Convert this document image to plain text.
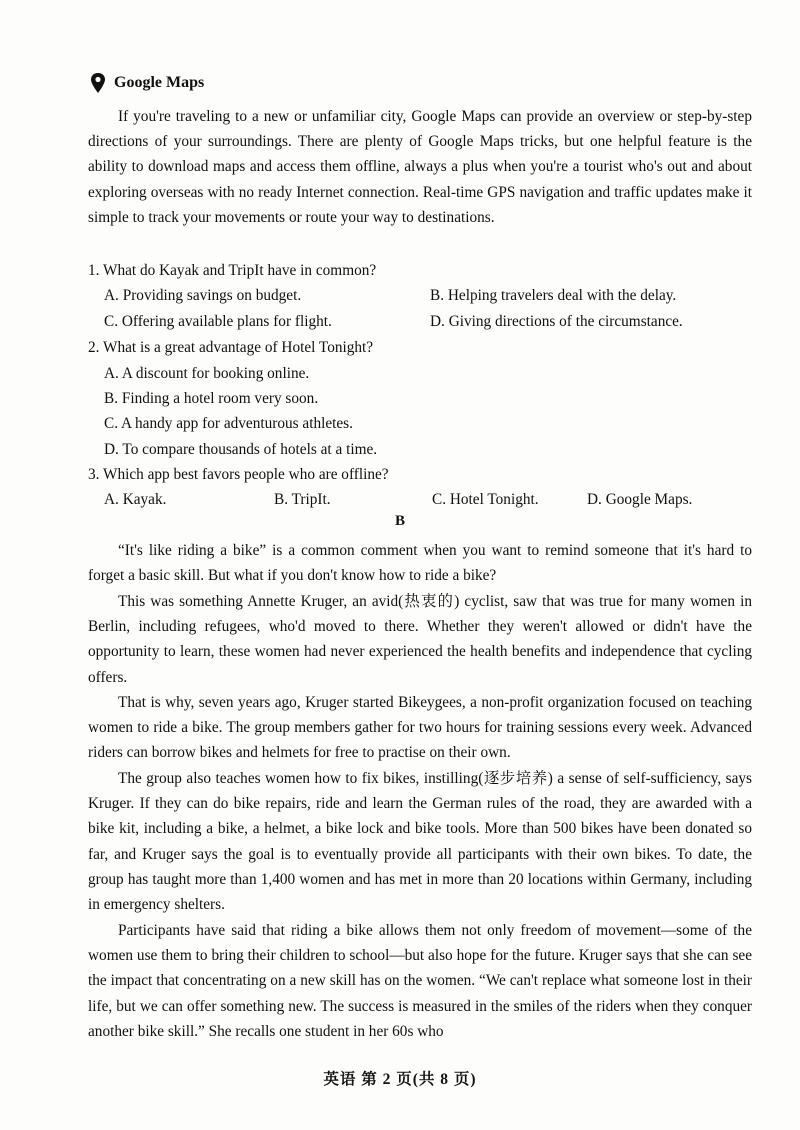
Google Maps

If you're traveling to a new or unfamiliar city, Google Maps can provide an overview or step-by-step directions of your surroundings. There are plenty of Google Maps tricks, but one helpful feature is the ability to download maps and access them offline, always a plus when you're a tourist who's out and about exploring overseas with no ready Internet connection. Real-time GPS navigation and traffic updates make it simple to track your movements or route your way to destinations.

1. What do Kayak and TripIt have in common?
A. Providing savings on budget.	B. Helping travelers deal with the delay.
C. Offering available plans for flight.	D. Giving directions of the circumstance.
2. What is a great advantage of Hotel Tonight?
A. A discount for booking online.
B. Finding a hotel room very soon.
C. A handy app for adventurous athletes.
D. To compare thousands of hotels at a time.
3. Which app best favors people who are offline?
A. Kayak.	B. TripIt.	C. Hotel Tonight.	D. Google Maps.
B

“It's like riding a bike” is a common comment when you want to remind someone that it's hard to forget a basic skill. But what if you don't know how to ride a bike?

This was something Annette Kruger, an avid(热衷的) cyclist, saw that was true for many women in Berlin, including refugees, who'd moved to there. Whether they weren't allowed or didn't have the opportunity to learn, these women had never experienced the health benefits and independence that cycling offers.

That is why, seven years ago, Kruger started Bikeygees, a non-profit organization focused on teaching women to ride a bike. The group members gather for two hours for training sessions every week. Advanced riders can borrow bikes and helmets for free to practise on their own.

The group also teaches women how to fix bikes, instilling(逐步培养) a sense of self-sufficiency, says Kruger. If they can do bike repairs, ride and learn the German rules of the road, they are awarded with a bike kit, including a bike, a helmet, a bike lock and bike tools. More than 500 bikes have been donated so far, and Kruger says the goal is to eventually provide all participants with their own bikes. To date, the group has taught more than 1,400 women and has met in more than 20 locations within Germany, including in emergency shelters.

Participants have said that riding a bike allows them not only freedom of movement—some of the women use them to bring their children to school—but also hope for the future. Kruger says that she can see the impact that concentrating on a new skill has on the women. “We can't replace what someone lost in their life, but we can offer something new. The success is measured in the smiles of the riders when they conquer another bike skill.” She recalls one student in her 60s who

英语 第 2 页(共 8 页)
